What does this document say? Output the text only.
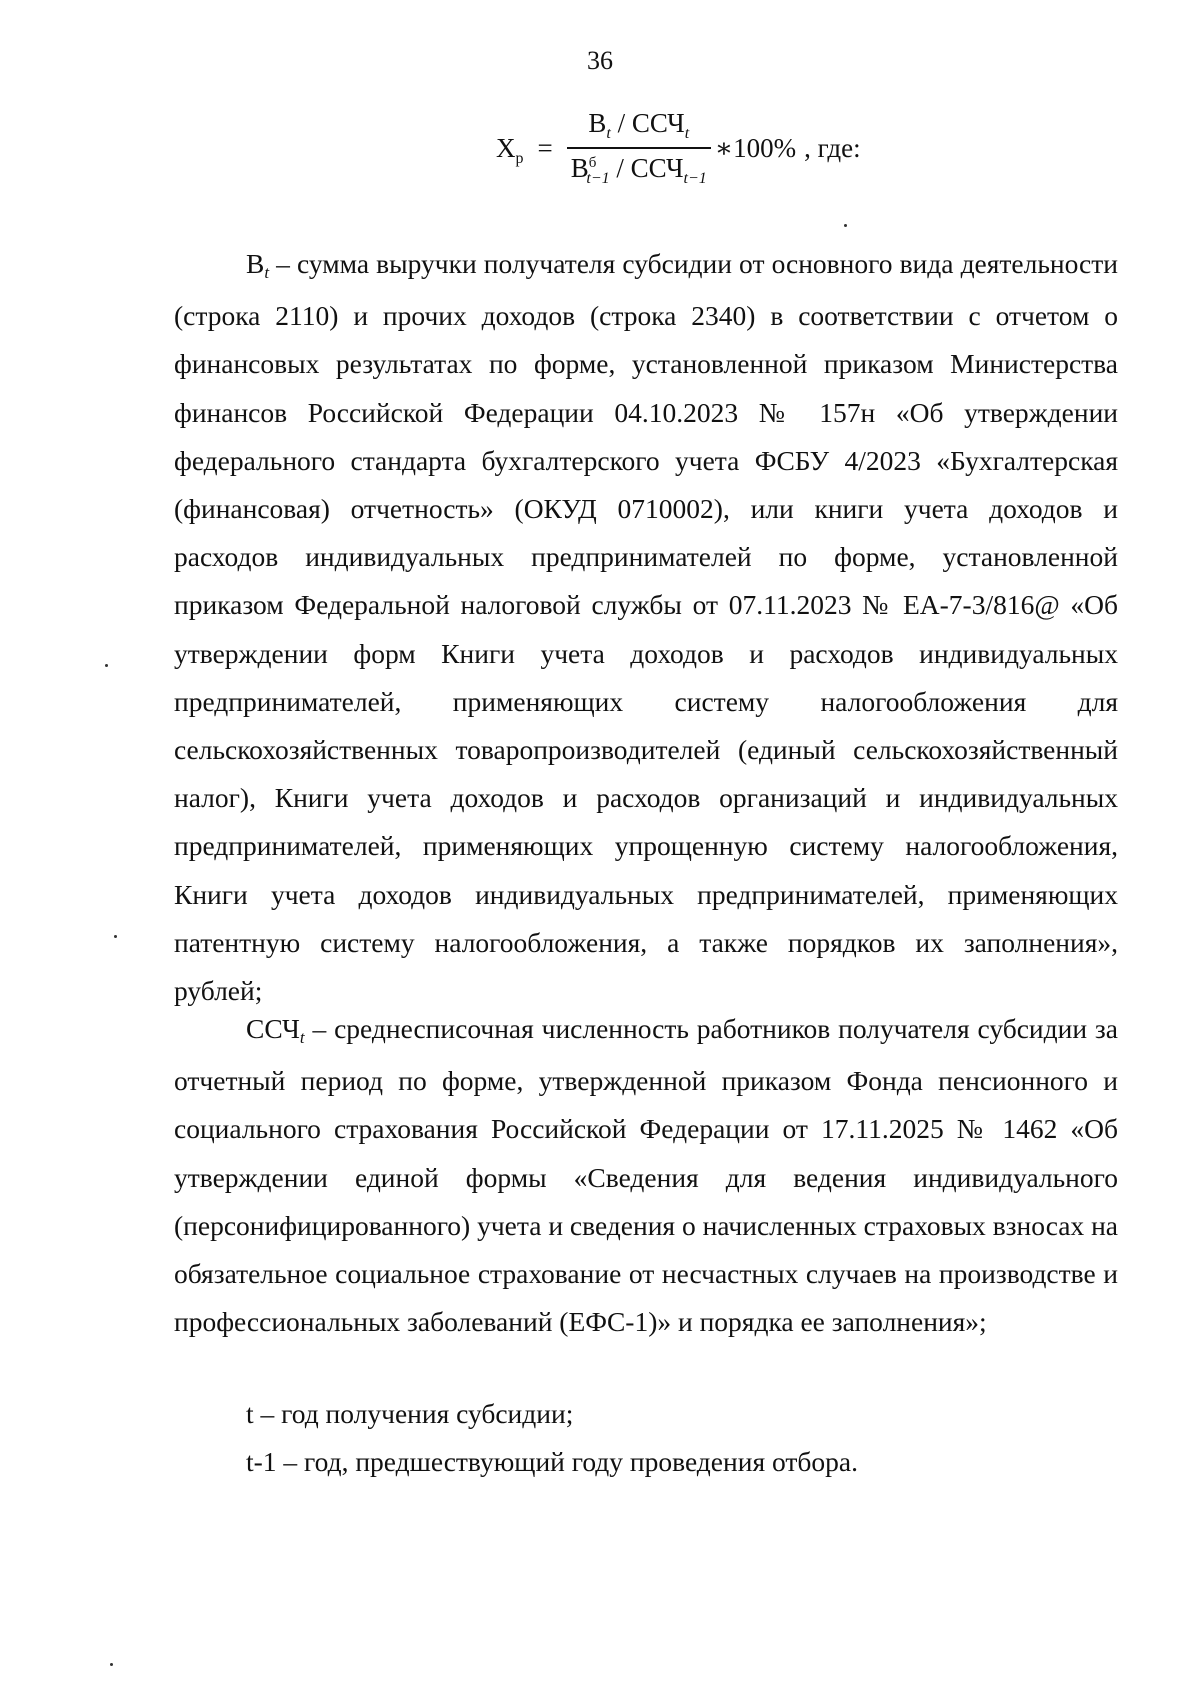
36
X $р = \frac{В_t / ССЧ_t}{В^б_{t-1} / ССЧ_{t-1}}$ ∗100% , где:

Вt – сумма выручки получателя субсидии от основного вида деятельности (строка 2110) и прочих доходов (строка 2340) в соответствии с отчетом о финансовых результатах по форме, установленной приказом Министерства финансов Российской Федерации 04.10.2023 № 157н «Об утверждении федерального стандарта бухгалтерского учета ФСБУ 4/2023 «Бухгалтерская (финансовая) отчетность» (ОКУД 0710002), или книги учета доходов и расходов индивидуальных предпринимателей по форме, установленной приказом Федеральной налоговой службы от 07.11.2023 № ЕА-7-3/816@ «Об утверждении форм Книги учета доходов и расходов индивидуальных предпринимателей, применяющих систему налогообложения для сельскохозяйственных товаропроизводителей (единый сельскохозяйственный налог), Книги учета доходов и расходов организаций и индивидуальных предпринимателей, применяющих упрощенную систему налогообложения, Книги учета доходов индивидуальных предпринимателей, применяющих патентную систему налогообложения, а также порядков их заполнения», рублей;

ССЧt – среднесписочная численность работников получателя субсидии за отчетный период по форме, утвержденной приказом Фонда пенсионного и социального страхования Российской Федерации от 17.11.2025 № 1462 «Об утверждении единой формы «Сведения для ведения индивидуального (персонифицированного) учета и сведения о начисленных страховых взносах на обязательное социальное страхование от несчастных случаев на производстве и профессиональных заболеваний (ЕФС-1)» и порядка ее заполнения»;

t – год получения субсидии;

t-1 – год, предшествующий году проведения отбора.
